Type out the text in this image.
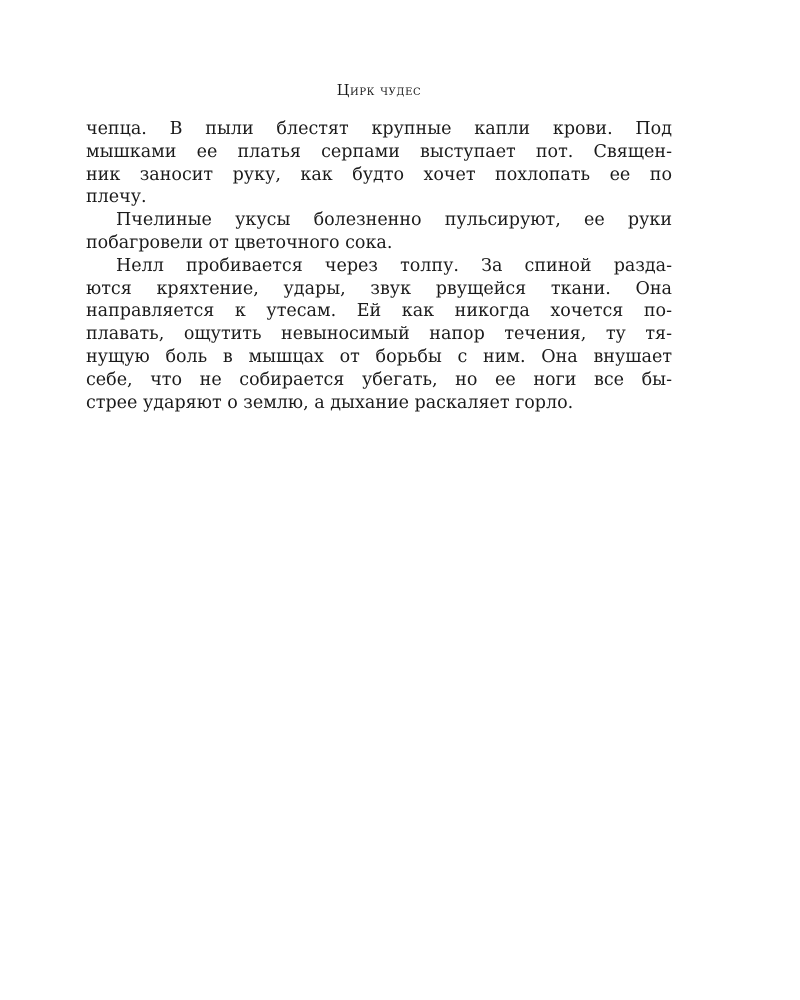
Цирк чудес
чепца. В пыли блестят крупные капли крови. Под
мышками ее платья серпами выступает пот. Священ-
ник заносит руку, как будто хочет похлопать ее по
плечу.
Пчелиные укусы болезненно пульсируют, ее руки
побагровели от цветочного сока.
Нелл пробивается через толпу. За спиной разда-
ются кряхтение, удары, звук рвущейся ткани. Она
направляется к утесам. Ей как никогда хочется по-
плавать, ощутить невыносимый напор течения, ту тя-
нущую боль в мышцах от борьбы с ним. Она внушает
себе, что не собирается убегать, но ее ноги все бы-
стрее ударяют о землю, а дыхание раскаляет горло.
